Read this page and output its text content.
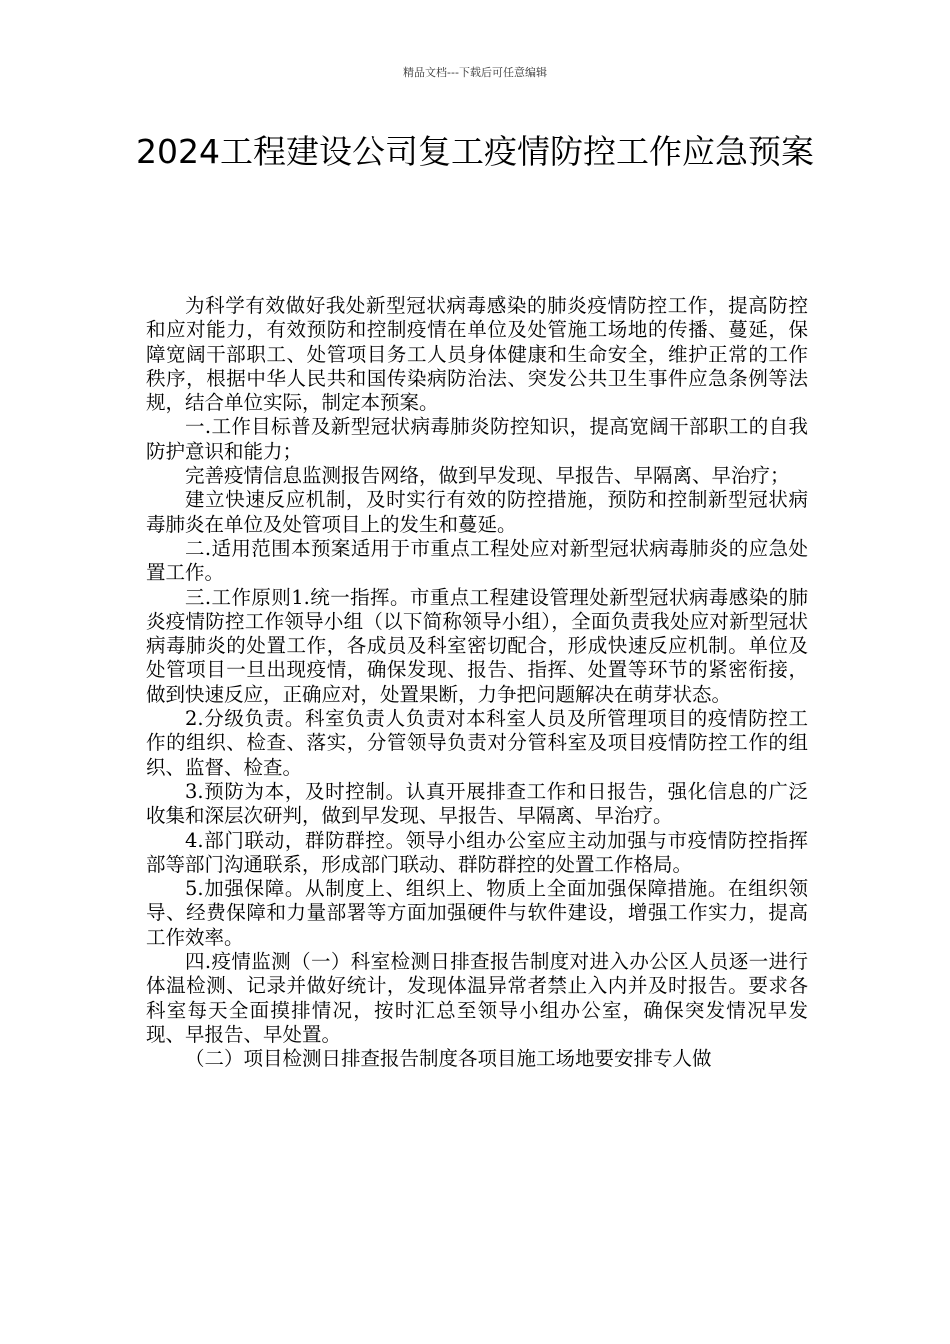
精品文档---下载后可任意编辑
2024工程建设公司复工疫情防控工作应急预案

为科学有效做好我处新型冠状病毒感染的肺炎疫情防控工作，提高防控和应对能力，有效预防和控制疫情在单位及处管施工场地的传播、蔓延，保障宽阔干部职工、处管项目务工人员身体健康和生命安全，维护正常的工作秩序，根据中华人民共和国传染病防治法、突发公共卫生事件应急条例等法规，结合单位实际，制定本预案。

一.工作目标普及新型冠状病毒肺炎防控知识，提高宽阔干部职工的自我防护意识和能力；

完善疫情信息监测报告网络，做到早发现、早报告、早隔离、早治疗；

建立快速反应机制，及时实行有效的防控措施，预防和控制新型冠状病毒肺炎在单位及处管项目上的发生和蔓延。

二.适用范围本预案适用于市重点工程处应对新型冠状病毒肺炎的应急处置工作。

三.工作原则1.统一指挥。市重点工程建设管理处新型冠状病毒感染的肺炎疫情防控工作领导小组（以下简称领导小组），全面负责我处应对新型冠状病毒肺炎的处置工作，各成员及科室密切配合，形成快速反应机制。单位及处管项目一旦出现疫情，确保发现、报告、指挥、处置等环节的紧密衔接，做到快速反应，正确应对，处置果断，力争把问题解决在萌芽状态。

2.分级负责。科室负责人负责对本科室人员及所管理项目的疫情防控工作的组织、检查、落实，分管领导负责对分管科室及项目疫情防控工作的组织、监督、检查。

3.预防为本，及时控制。认真开展排查工作和日报告，强化信息的广泛收集和深层次研判，做到早发现、早报告、早隔离、早治疗。

4.部门联动，群防群控。领导小组办公室应主动加强与市疫情防控指挥部等部门沟通联系，形成部门联动、群防群控的处置工作格局。

5.加强保障。从制度上、组织上、物质上全面加强保障措施。在组织领导、经费保障和力量部署等方面加强硬件与软件建设，增强工作实力，提高工作效率。

四.疫情监测（一）科室检测日排查报告制度对进入办公区人员逐一进行体温检测、记录并做好统计，发现体温异常者禁止入内并及时报告。要求各科室每天全面摸排情况，按时汇总至领导小组办公室，确保突发情况早发现、早报告、早处置。

（二）项目检测日排查报告制度各项目施工场地要安排专人做
